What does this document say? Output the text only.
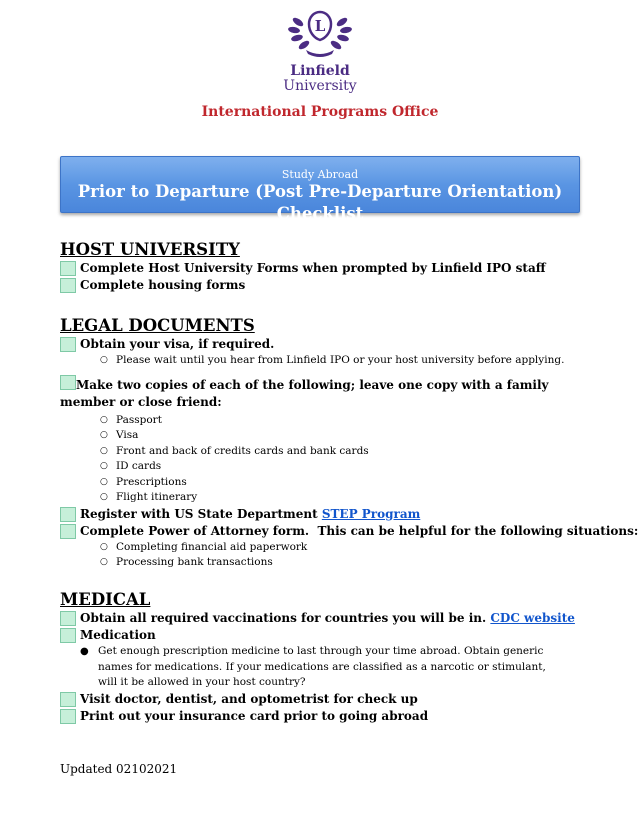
L
Linfield
University
International Programs Office
Study Abroad
Prior to Departure (Post Pre-Departure Orientation) Checklist
HOST UNIVERSITY
Complete Host University Forms when prompted by Linfield IPO staff
Complete housing forms
LEGAL DOCUMENTS
Obtain your visa, if required.
○ Please wait until you hear from Linfield IPO or your host university before applying.
Make two copies of each of the following; leave one copy with a family member or close friend:
○ Passport
○ Visa
○ Front and back of credits cards and bank cards
○ ID cards
○ Prescriptions
○ Flight itinerary
Register with US State Department STEP Program
Complete Power of Attorney form.  This can be helpful for the following situations:
○ Completing financial aid paperwork
○ Processing bank transactions
MEDICAL
Obtain all required vaccinations for countries you will be in. CDC website
Medication
● Get enough prescription medicine to last through your time abroad. Obtain generic names for medications. If your medications are classified as a narcotic or stimulant, will it be allowed in your host country?
Visit doctor, dentist, and optometrist for check up
Print out your insurance card prior to going abroad
Updated 02102021
